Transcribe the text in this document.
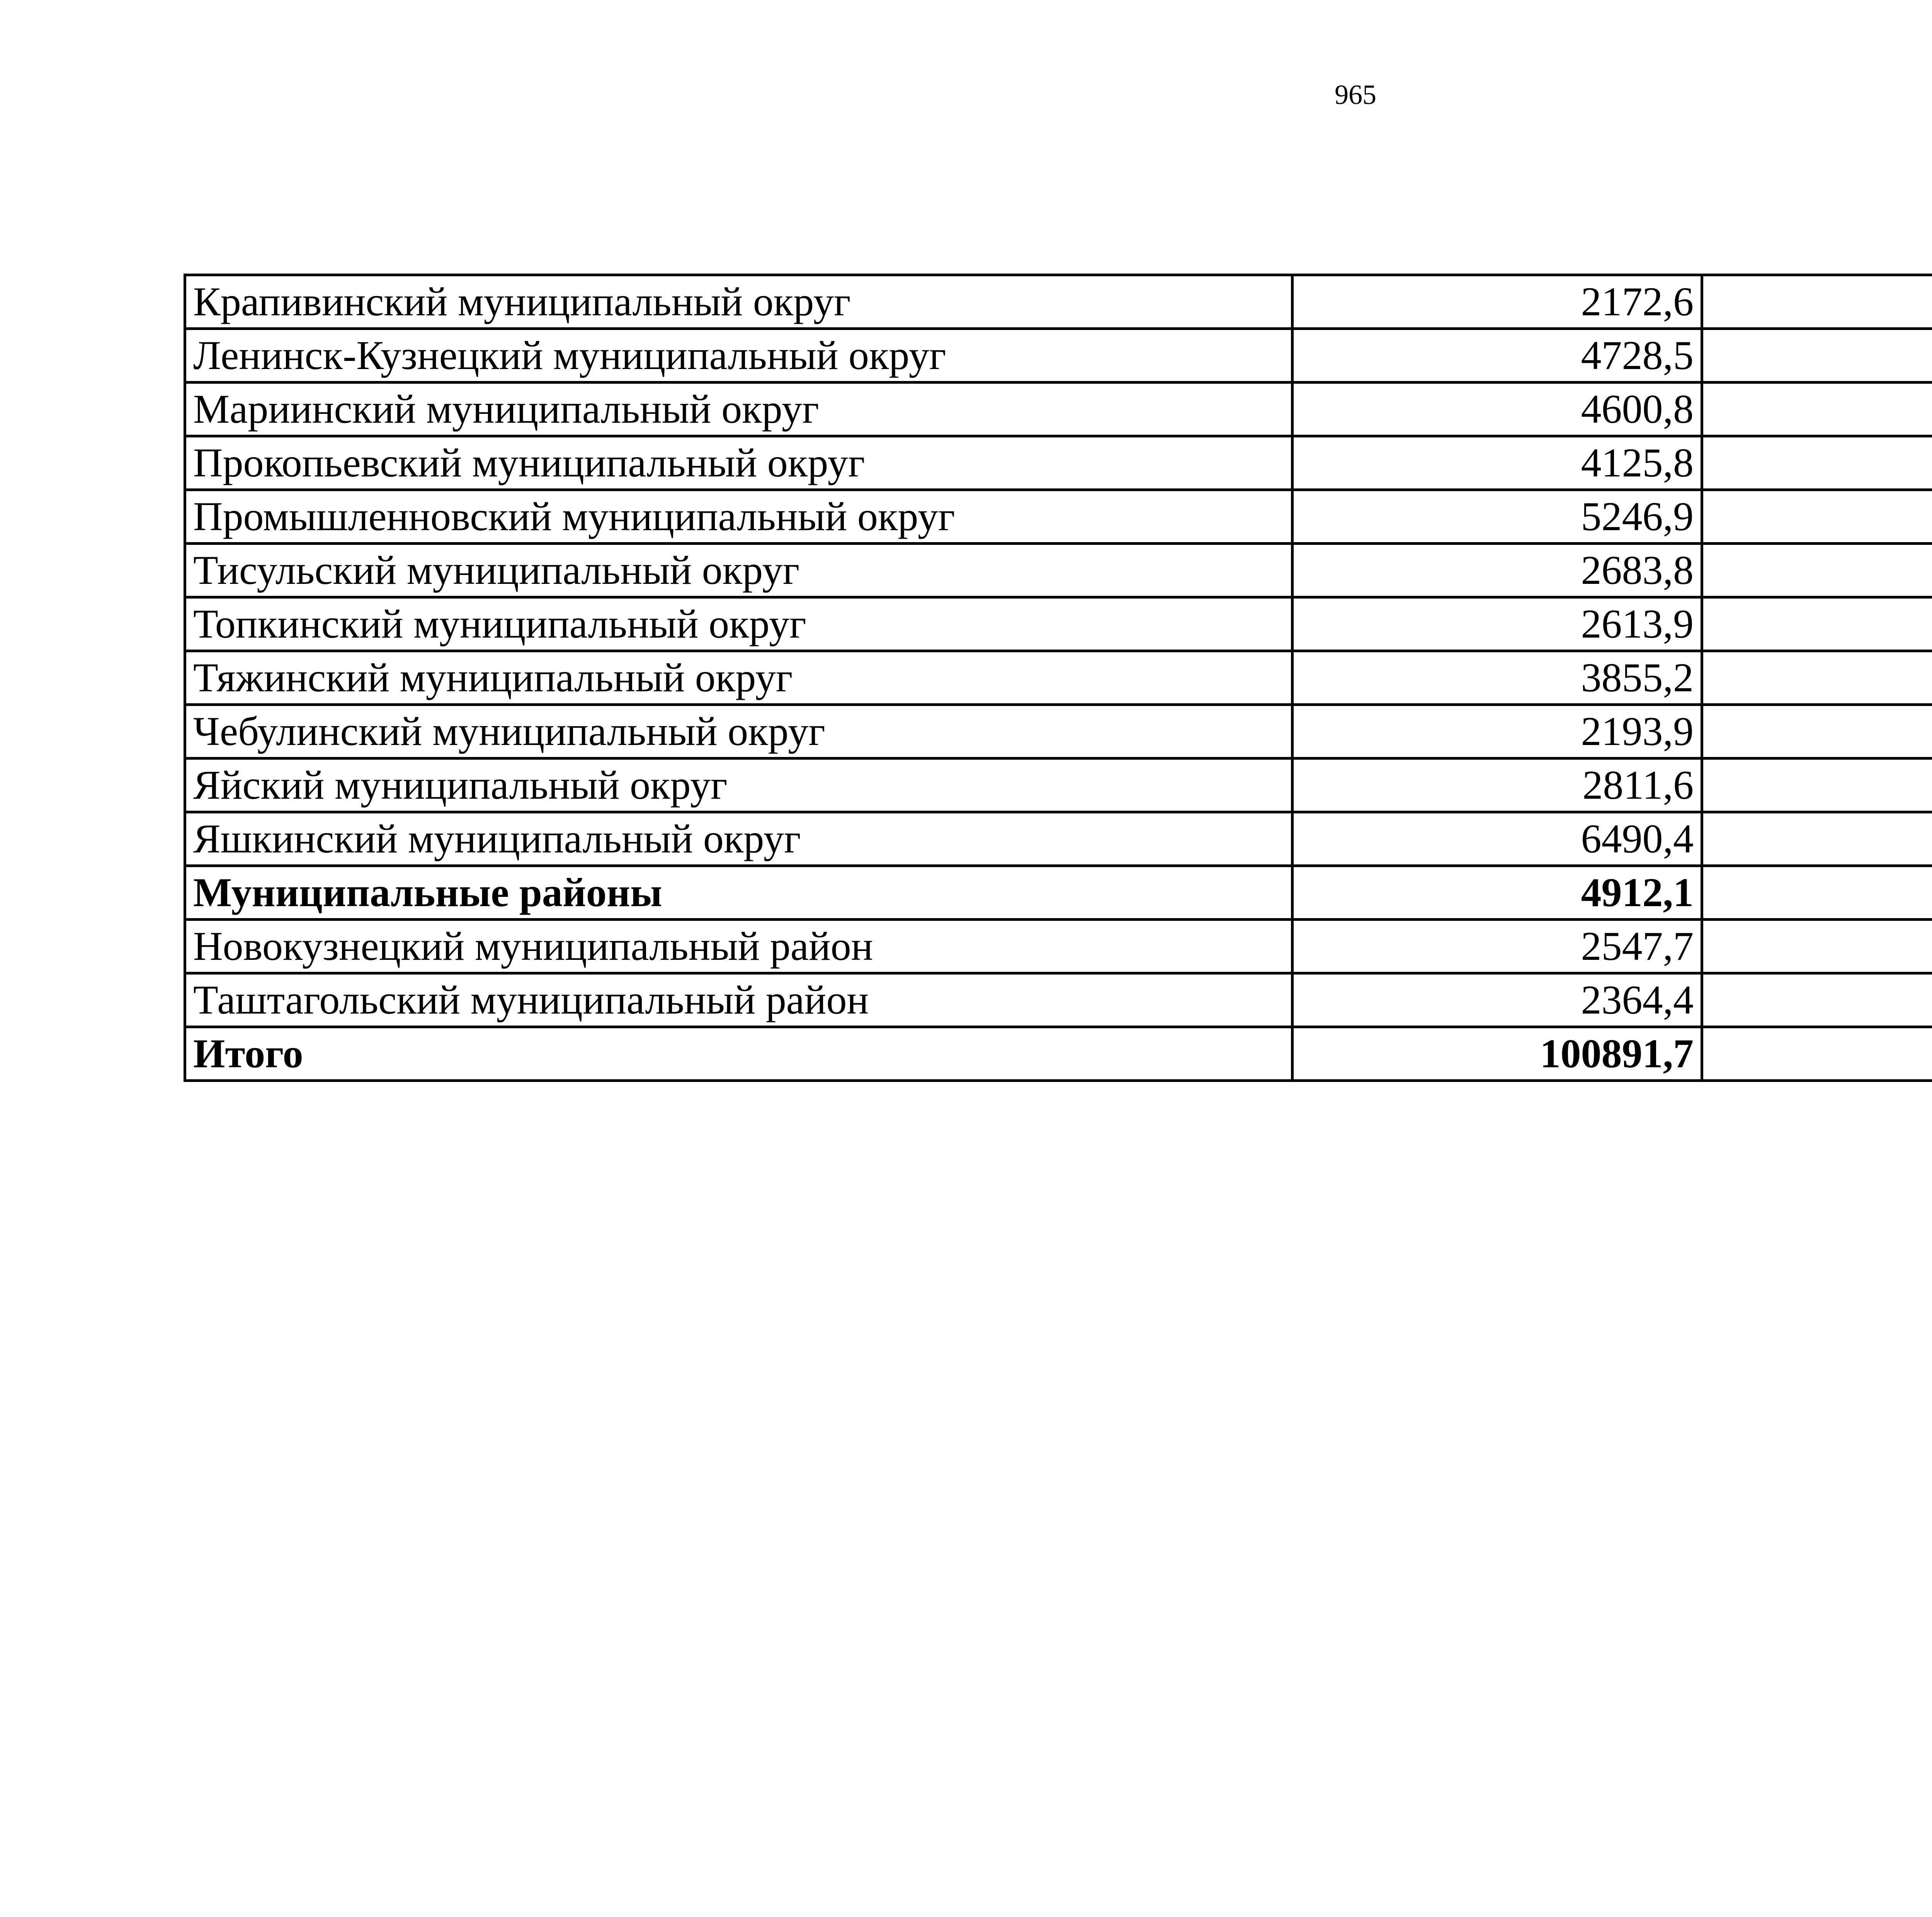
965
Крапивинский муниципальный округ	2172,6		
Ленинск-Кузнецкий муниципальный округ	4728,5		
Мариинский муниципальный округ	4600,8		
Прокопьевский муниципальный округ	4125,8		
Промышленновский муниципальный округ	5246,9		
Тисульский муниципальный округ	2683,8		
Топкинский муниципальный округ	2613,9		
Тяжинский муниципальный округ	3855,2		
Чебулинский муниципальный округ	2193,9		
Яйский муниципальный округ	2811,6		
Яшкинский муниципальный округ	6490,4		
Муниципальные районы	4912,1		
Новокузнецкий муниципальный район	2547,7		
Таштагольский муниципальный район	2364,4		
Итого	100891,7		
